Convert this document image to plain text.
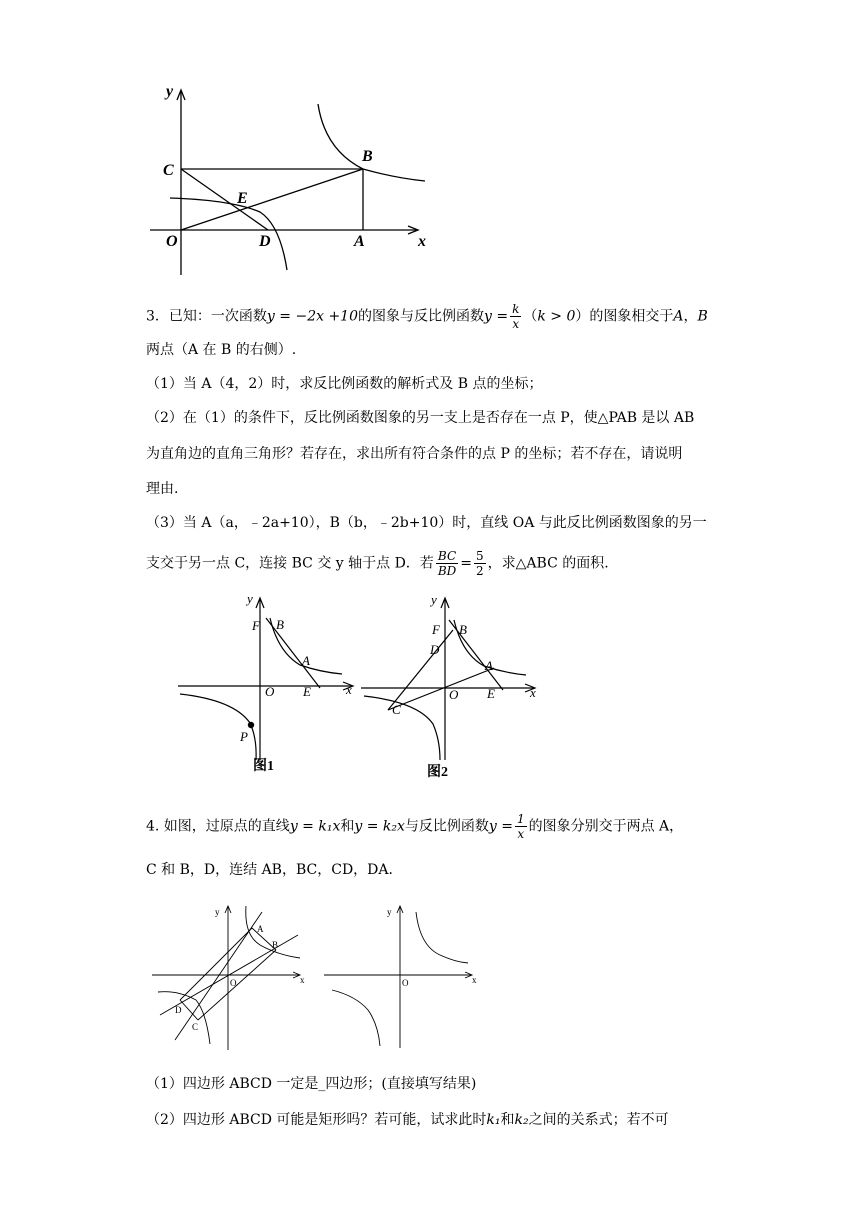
y
x
C
B
E
O	D	A
3．已知：一次函数y = −2x +10的图象与反比例函数$y = \frac{k}{x} (k > 0)$的图象相交于A，B
两点（A 在 B 的右侧）.
（1）当 A（4，2）时，求反比例函数的解析式及 B 点的坐标；
（2）在（1）的条件下，反比例函数图象的另一支上是否存在一点 P，使△PAB 是以 AB
为直角边的直角三角形？若存在，求出所有符合条件的点 P 的坐标；若不存在，请说明
理由.
（3）当 A（a，﹣2a+10），B（b，﹣2b+10）时，直线 OA 与此反比例函数图象的另一
支交于另一点 C，连接 BC 交 y 轴于点 D．若 $\frac{BC}{BD} = \frac{5}{2}$ ，求△ABC 的面积.
y
F B
A
O E	x
P
图1
y
F B
D
A
C
O E	x
图2
4. 如图，过原点的直线y = k₁x和y = k₂x与反比例函数$y = \frac{1}{x}$ 的图象分别交于两点 A，
C 和 B，D，连结 AB，BC，CD，DA．
y
A
B
O	x
D
C
y
O	x
（1）四边形 ABCD 一定是_四边形；(直接填写结果)
（2）四边形 ABCD 可能是矩形吗？若可能，试求此时k₁和k₂之间的关系式；若不可
